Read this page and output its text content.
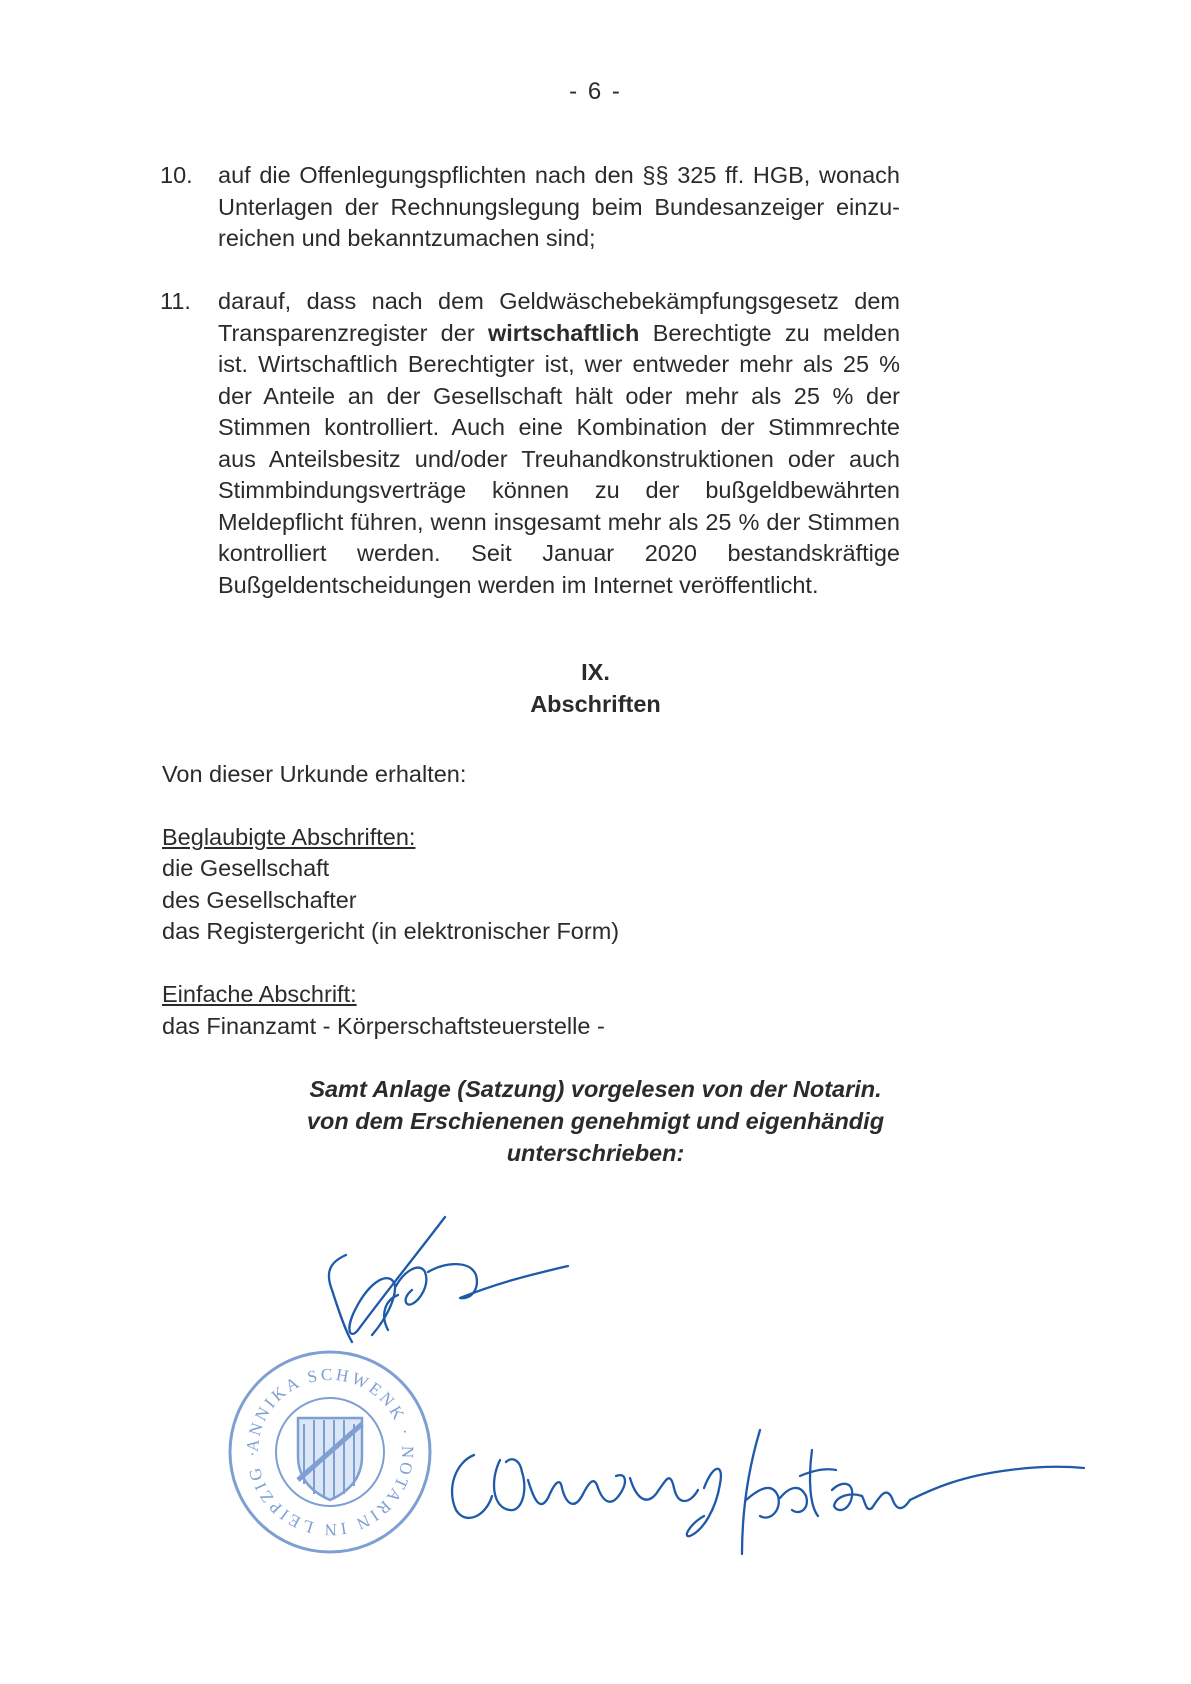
- 6 -
10. auf die Offenlegungspflichten nach den §§ 325 ff. HGB, wonach Unterlagen der Rechnungslegung beim Bundesanzeiger einzu-reichen und bekanntzumachen sind;
11. darauf, dass nach dem Geldwäschebekämpfungsgesetz dem Transparenzregister der wirtschaftlich Berechtigte zu melden ist. Wirtschaftlich Berechtigter ist, wer entweder mehr als 25 % der Anteile an der Gesellschaft hält oder mehr als 25 % der Stimmen kontrolliert. Auch eine Kombination der Stimmrechte aus Anteilsbesitz und/oder Treuhandkonstruktionen oder auch Stimmbindungsverträge können zu der bußgeldbewährten Meldepflicht führen, wenn insgesamt mehr als 25 % der Stimmen kontrolliert werden. Seit Januar 2020 bestandskräftige Bußgeldentscheidungen werden im Internet veröffentlicht.
IX.
Abschriften
Von dieser Urkunde erhalten:
Beglaubigte Abschriften:
die Gesellschaft
des Gesellschafter
das Registergericht (in elektronischer Form)
Einfache Abschrift:
das Finanzamt - Körperschaftsteuerstelle -
Samt Anlage (Satzung) vorgelesen von der Notarin.
von dem Erschienenen genehmigt und eigenhändig
unterschrieben:
ANNIKA SCHWENK · NOTARIN IN LEIPZIG ·
